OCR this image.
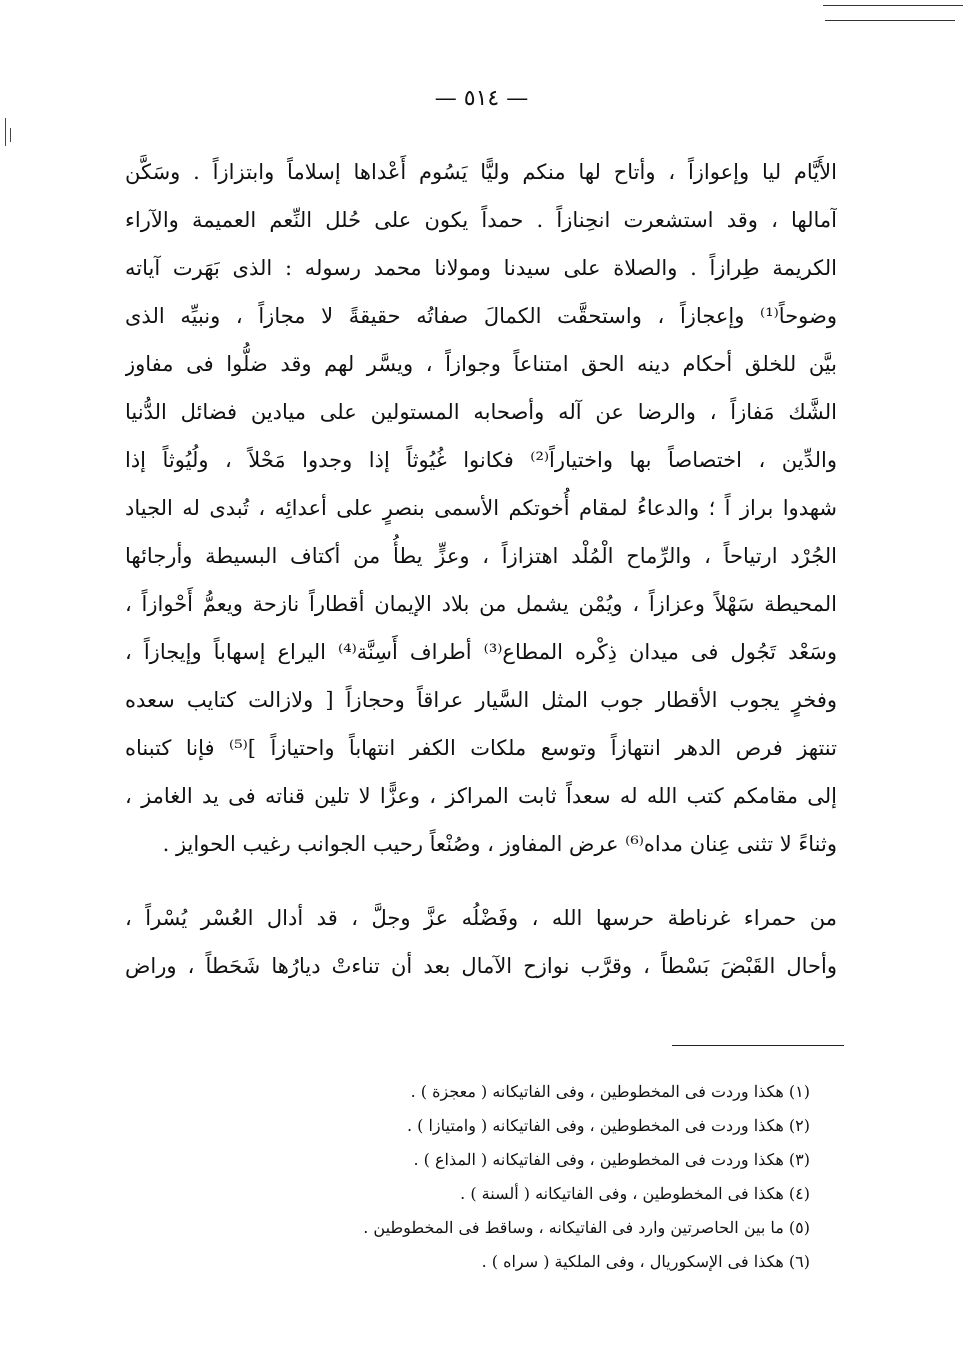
— ٥١٤ —
الأَيَّام ليا وإعوازاً ، وأتاح لها منكم وليًّا يَسُوم أَعْداها إسلاماً وابتزازاً . وسَكَّن
آمالها ، وقد استشعرت انحِنازاً . حمداً يكون على حُلل النِّعم العميمة والآراء
الكريمة طِرازاً . والصلاة على سيدنا ومولانا محمد رسوله : الذى بَهَرت آياته
وضوحاً⁽¹⁾ وإعجازاً ، واستحقَّت الكمالَ صفاتُه حقيقةً لا مجازاً ، ونبيِّه الذى
بيَّن للخلق أحكام دينه الحق امتناعاً وجوازاً ، ويسَّر لهم وقد ضلُّوا فى مفاوز
الشَّك مَفازاً ، والرضا عن آله وأصحابه المستولين على ميادين فضائل الدُّنيا
والدِّين ، اختصاصاً بها واختياراً⁽²⁾ فكانوا غُيُوثاً إذا وجدوا مَحْلاً ، ولُيُوثاً إذا
شهدوا براز اً ؛ والدعاءُ لمقام أُخوتكم الأسمى بنصرٍ على أعدائِه ، تُبدى له الجياد
الجُرْد ارتياحاً ، والرِّماح الْمُلْد اهتزازاً ، وعزٍّ يطأُ من أكتاف البسيطة وأرجائها
المحيطة سَهْلاً وعزازاً ، ويُمْن يشمل من بلاد الإيمان أقطاراً نازحة ويعمُّ أَحْوازاً ،
وسَعْد تَجُول فى ميدان ذِكْره المطاع⁽³⁾ أطراف أَسِنَّة⁽⁴⁾ اليراع إسهاباً وإيجازاً ،
وفخرٍ يجوب الأقطار جوب المثل السَّيار عراقاً وحجازاً [ ولازالت كتايب سعده
تنتهز فرص الدهر انتهازاً وتوسع ملكات الكفر انتهاباً واحتيازاً ]⁽⁵⁾ فإنا كتبناه
إلى مقامكم كتب الله له سعداً ثابت المراكز ، وعزًّا لا تلين قناته فى يد الغامز ،
وثناءً لا تثنى عِنان مداه⁽⁶⁾ عرض المفاوز ، وصُنْعاً رحيب الجوانب رغيب الحوايز .
من حمراء غرناطة حرسها الله ، وفَضْلُه عزَّ وجلَّ ، قد أدال العُسْر يُسْراً ،
وأحال القَبْضَ بَسْطاً ، وقرَّب نوازح الآمال بعد أن تناءتْ ديارُها شَحَطاً ، وراض
(١) هكذا وردت فى المخطوطين ، وفى الفاتيكانه ( معجزة ) .
(٢) هكذا وردت فى المخطوطين ، وفى الفاتيكانه ( وامتيازا ) .
(٣) هكذا وردت فى المخطوطين ، وفى الفاتيكانه ( المذاع ) .
(٤) هكذا فى المخطوطين ، وفى الفاتيكانه ( ألسنة ) .
(٥) ما بين الحاصرتين وارد فى الفاتيكانه ، وساقط فى المخطوطين .
(٦) هكذا فى الإسكوريال ، وفى الملكية ( سراه ) .
